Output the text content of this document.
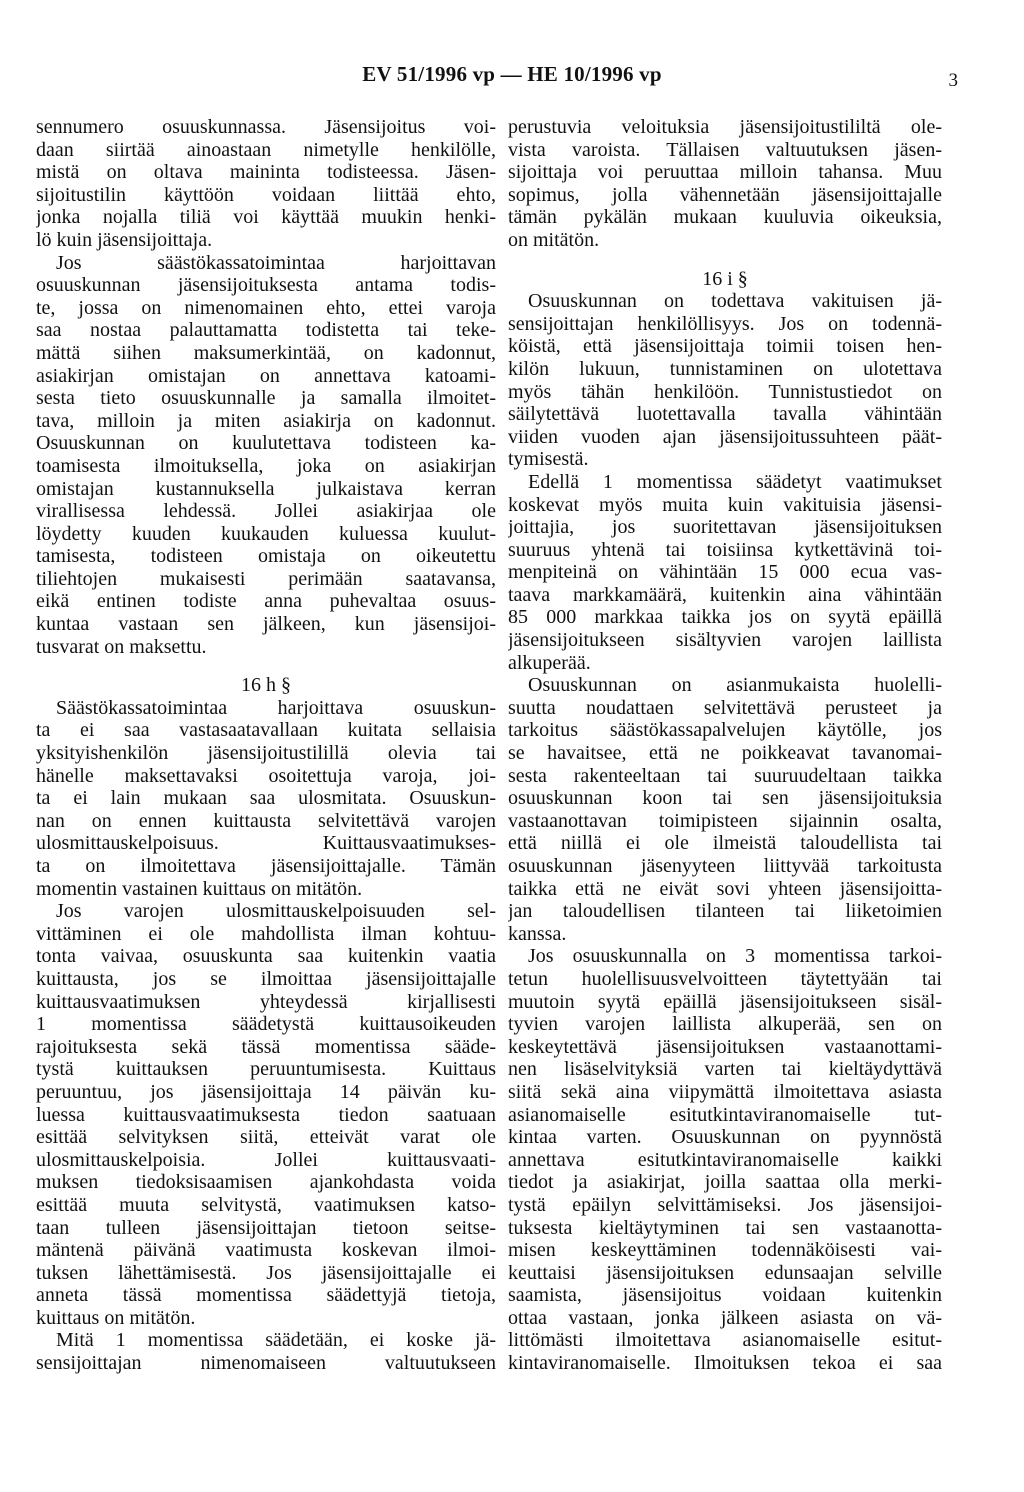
EV 51/1996 vp — HE 10/1996 vp	3
sennumero osuuskunnassa. Jäsensijoitus voi-
daan siirtää ainoastaan nimetylle henkilölle,
mistä on oltava maininta todisteessa. Jäsen-
sijoitustilin käyttöön voidaan liittää ehto,
jonka nojalla tiliä voi käyttää muukin henki-
lö kuin jäsensijoittaja.
Jos säästökassatoimintaa harjoittavan
osuuskunnan jäsensijoituksesta antama todis-
te, jossa on nimenomainen ehto, ettei varoja
saa nostaa palauttamatta todistetta tai teke-
mättä siihen maksumerkintää, on kadonnut,
asiakirjan omistajan on annettava katoami-
sesta tieto osuuskunnalle ja samalla ilmoitet-
tava, milloin ja miten asiakirja on kadonnut.
Osuuskunnan on kuulutettava todisteen ka-
toamisesta ilmoituksella, joka on asiakirjan
omistajan kustannuksella julkaistava kerran
virallisessa lehdessä. Jollei asiakirjaa ole
löydetty kuuden kuukauden kuluessa kuulut-
tamisesta, todisteen omistaja on oikeutettu
tiliehtojen mukaisesti perimään saatavansa,
eikä entinen todiste anna puhevaltaa osuus-
kuntaa vastaan sen jälkeen, kun jäsensijoi-
tusvarat on maksettu.
16 h §
Säästökassatoimintaa harjoittava osuuskun-
ta ei saa vastasaatavallaan kuitata sellaisia
yksityishenkilön jäsensijoitustilillä olevia tai
hänelle maksettavaksi osoitettuja varoja, joi-
ta ei lain mukaan saa ulosmitata. Osuuskun-
nan on ennen kuittausta selvitettävä varojen
ulosmittauskelpoisuus. Kuittausvaatimukses-
ta on ilmoitettava jäsensijoittajalle. Tämän
momentin vastainen kuittaus on mitätön.
Jos varojen ulosmittauskelpoisuuden sel-
vittäminen ei ole mahdollista ilman kohtuu-
tonta vaivaa, osuuskunta saa kuitenkin vaatia
kuittausta, jos se ilmoittaa jäsensijoittajalle
kuittausvaatimuksen yhteydessä kirjallisesti
1 momentissa säädetystä kuittausoikeuden
rajoituksesta sekä tässä momentissa sääde-
tystä kuittauksen peruuntumisesta. Kuittaus
peruuntuu, jos jäsensijoittaja 14 päivän ku-
luessa kuittausvaatimuksesta tiedon saatuaan
esittää selvityksen siitä, etteivät varat ole
ulosmittauskelpoisia. Jollei kuittausvaati-
muksen tiedoksisaamisen ajankohdasta voida
esittää muuta selvitystä, vaatimuksen katso-
taan tulleen jäsensijoittajan tietoon seitse-
mäntenä päivänä vaatimusta koskevan ilmoi-
tuksen lähettämisestä. Jos jäsensijoittajalle ei
anneta tässä momentissa säädettyjä tietoja,
kuittaus on mitätön.
Mitä 1 momentissa säädetään, ei koske jä-
sensijoittajan nimenomaiseen valtuutukseen
perustuvia veloituksia jäsensijoitustililtä ole-
vista varoista. Tällaisen valtuutuksen jäsen-
sijoittaja voi peruuttaa milloin tahansa. Muu
sopimus, jolla vähennetään jäsensijoittajalle
tämän pykälän mukaan kuuluvia oikeuksia,
on mitätön.
16 i §
Osuuskunnan on todettava vakituisen jä-
sensijoittajan henkilöllisyys. Jos on todennä-
köistä, että jäsensijoittaja toimii toisen hen-
kilön lukuun, tunnistaminen on ulotettava
myös tähän henkilöön. Tunnistustiedot on
säilytettävä luotettavalla tavalla vähintään
viiden vuoden ajan jäsensijoitussuhteen päät-
tymisestä.
Edellä 1 momentissa säädetyt vaatimukset
koskevat myös muita kuin vakituisia jäsensi-
joittajia, jos suoritettavan jäsensijoituksen
suuruus yhtenä tai toisiinsa kytkettävinä toi-
menpiteinä on vähintään 15 000 ecua vas-
taava markkamäärä, kuitenkin aina vähintään
85 000 markkaa taikka jos on syytä epäillä
jäsensijoitukseen sisältyvien varojen laillista
alkuperää.
Osuuskunnan on asianmukaista huolelli-
suutta noudattaen selvitettävä perusteet ja
tarkoitus säästökassapalvelujen käytölle, jos
se havaitsee, että ne poikkeavat tavanomai-
sesta rakenteeltaan tai suuruudeltaan taikka
osuuskunnan koon tai sen jäsensijoituksia
vastaanottavan toimipisteen sijainnin osalta,
että niillä ei ole ilmeistä taloudellista tai
osuuskunnan jäsenyyteen liittyvää tarkoitusta
taikka että ne eivät sovi yhteen jäsensijoitta-
jan taloudellisen tilanteen tai liiketoimien
kanssa.
Jos osuuskunnalla on 3 momentissa tarkoi-
tetun huolellisuusvelvoitteen täytettyään tai
muutoin syytä epäillä jäsensijoitukseen sisäl-
tyvien varojen laillista alkuperää, sen on
keskeytettävä jäsensijoituksen vastaanottami-
nen lisäselvityksiä varten tai kieltäydyttävä
siitä sekä aina viipymättä ilmoitettava asiasta
asianomaiselle esitutkintaviranomaiselle tut-
kintaa varten. Osuuskunnan on pyynnöstä
annettava esitutkintaviranomaiselle kaikki
tiedot ja asiakirjat, joilla saattaa olla merki-
tystä epäilyn selvittämiseksi. Jos jäsensijoi-
tuksesta kieltäytyminen tai sen vastaanotta-
misen keskeyttäminen todennäköisesti vai-
keuttaisi jäsensijoituksen edunsaajan selville
saamista, jäsensijoitus voidaan kuitenkin
ottaa vastaan, jonka jälkeen asiasta on vä-
littömästi ilmoitettava asianomaiselle esitut-
kintaviranomaiselle. Ilmoituksen tekoa ei saa
